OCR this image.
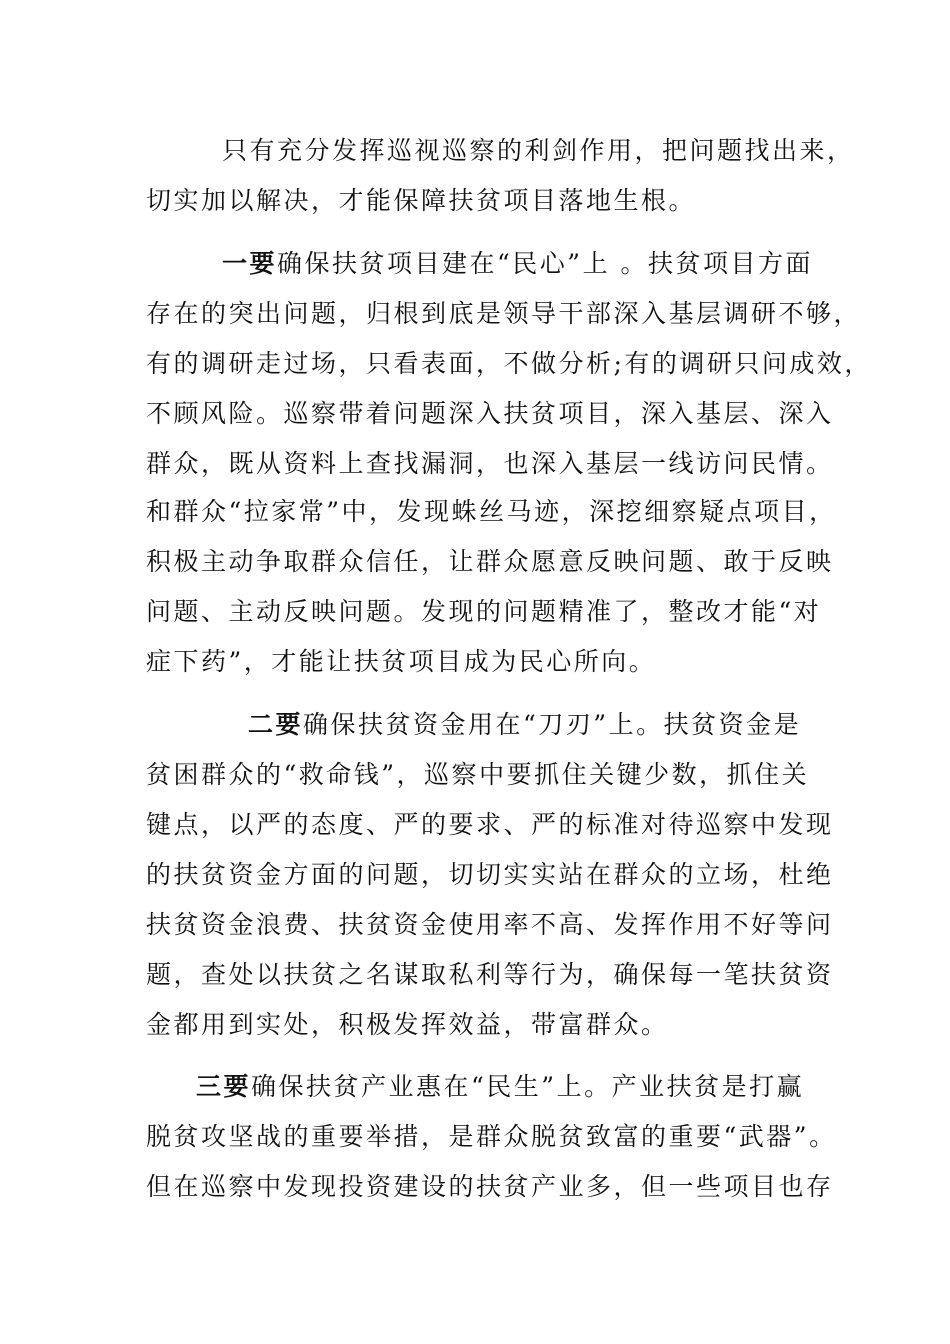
只有充分发挥巡视巡察的利剑作用，把问题找出来，
切实加以解决，才能保障扶贫项目落地生根。
一要确保扶贫项目建在“民心”上 。扶贫项目方面
存在的突出问题，归根到底是领导干部深入基层调研不够，
有的调研走过场，只看表面，不做分析;有的调研只问成效，
不顾风险。巡察带着问题深入扶贫项目，深入基层、深入
群众，既从资料上查找漏洞，也深入基层一线访问民情。
和群众“拉家常”中，发现蛛丝马迹，深挖细察疑点项目，
积极主动争取群众信任，让群众愿意反映问题、敢于反映
问题、主动反映问题。发现的问题精准了，整改才能“对
症下药”，才能让扶贫项目成为民心所向。
二要确保扶贫资金用在“刀刃”上。扶贫资金是
贫困群众的“救命钱”，巡察中要抓住关键少数，抓住关
键点，以严的态度、严的要求、严的标准对待巡察中发现
的扶贫资金方面的问题，切切实实站在群众的立场，杜绝
扶贫资金浪费、扶贫资金使用率不高、发挥作用不好等问
题，查处以扶贫之名谋取私利等行为，确保每一笔扶贫资
金都用到实处，积极发挥效益，带富群众。
三要确保扶贫产业惠在“民生”上。产业扶贫是打赢
脱贫攻坚战的重要举措，是群众脱贫致富的重要“武器”。
但在巡察中发现投资建设的扶贫产业多，但一些项目也存
